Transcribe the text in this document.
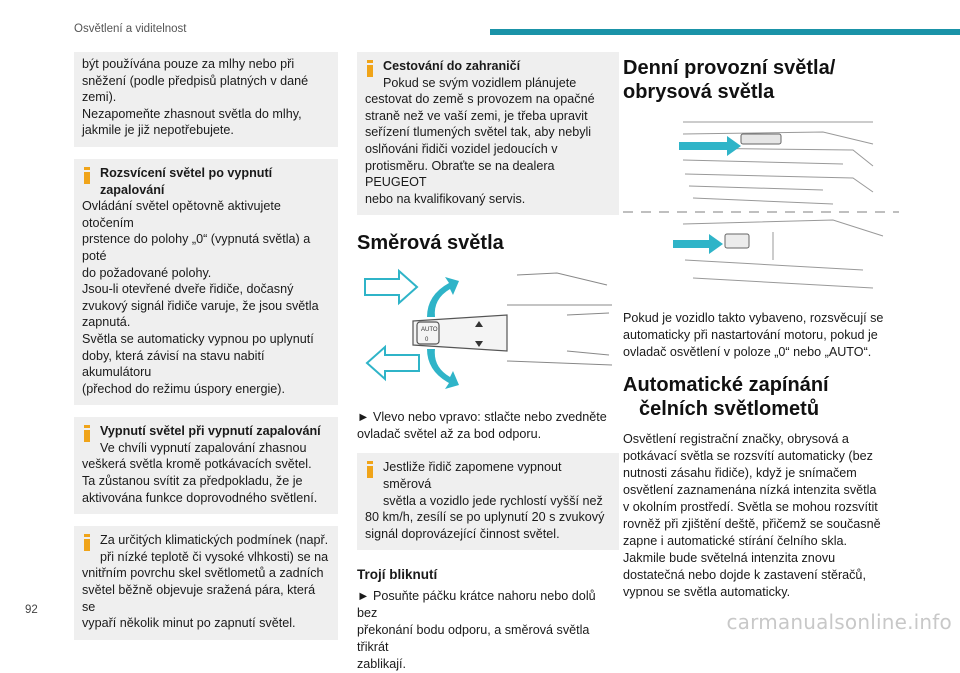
Osvětlení a viditelnost

být používána pouze za mlhy nebo při

sněžení (podle předpisů platných v dané

zemi).

Nezapomeňte zhasnout světla do mlhy,

jakmile je již nepotřebujete.

Rozsvícení světel po vypnutí
zapalování

Ovládání světel opětovně aktivujete otočením

prstence do polohy „0“ (vypnutá světla) a poté

do požadované polohy.

Jsou-li otevřené dveře řidiče, dočasný

zvukový signál řidiče varuje, že jsou světla

zapnutá.

Světla se automaticky vypnou po uplynutí

doby, která závisí na stavu nabití akumulátoru

(přechod do režimu úspory energie).

Vypnutí světel při vypnutí zapalování
Ve chvíli vypnutí zapalování zhasnou

veškerá světla kromě potkávacích světel.

Ta zůstanou svítit za předpokladu, že je

aktivována funkce doprovodného světlení.

Za určitých klimatických podmínek (např.
při nízké teplotě či vysoké vlhkosti) se na

vnitřním povrchu skel světlometů a zadních

světel běžně objevuje sražená pára, která se

vypaří několik minut po zapnutí světel.

Cestování do zahraničí
Pokud se svým vozidlem plánujete

cestovat do země s provozem na opačné

straně než ve vaší zemi, je třeba upravit

seřízení tlumených světel tak, aby nebyli

oslňováni řidiči vozidel jedoucích v

protisměru. Obraťte se na dealera PEUGEOT

nebo na kvalifikovaný servis.

Směrová světla
AUTO
0

► Vlevo nebo vpravo: stlačte nebo zvedněte

ovladač světel až za bod odporu.

Jestliže řidič zapomene vypnout směrová
světla a vozidlo jede rychlostí vyšší než

80 km/h, zesílí se po uplynutí 20 s zvukový

signál doprovázející činnost světel.

Trojí bliknutí

► Posuňte páčku krátce nahoru nebo dolů bez

překonání bodu odporu, a směrová světla třikrát

zablikají.

Denní provozní světla/
obrysová světla

Pokud je vozidlo takto vybaveno, rozsvěcují se

automaticky při nastartování motoru, pokud je

ovladač osvětlení v poloze „0“ nebo „AUTO“.

Automatické zapínání
čelních světlometů

Osvětlení registrační značky, obrysová a

potkávací světla se rozsvítí automaticky (bez

nutnosti zásahu řidiče), když je snímačem

osvětlení zaznamenána nízká intenzita světla

v okolním prostředí. Světla se mohou rozsvítit

rovněž při zjištění deště, přičemž se současně

zapne i automatické stírání čelního skla.

Jakmile bude světelná intenzita znovu

dostatečná nebo dojde k zastavení stěračů,

vypnou se světla automaticky.

92	carmanualsonline.info
